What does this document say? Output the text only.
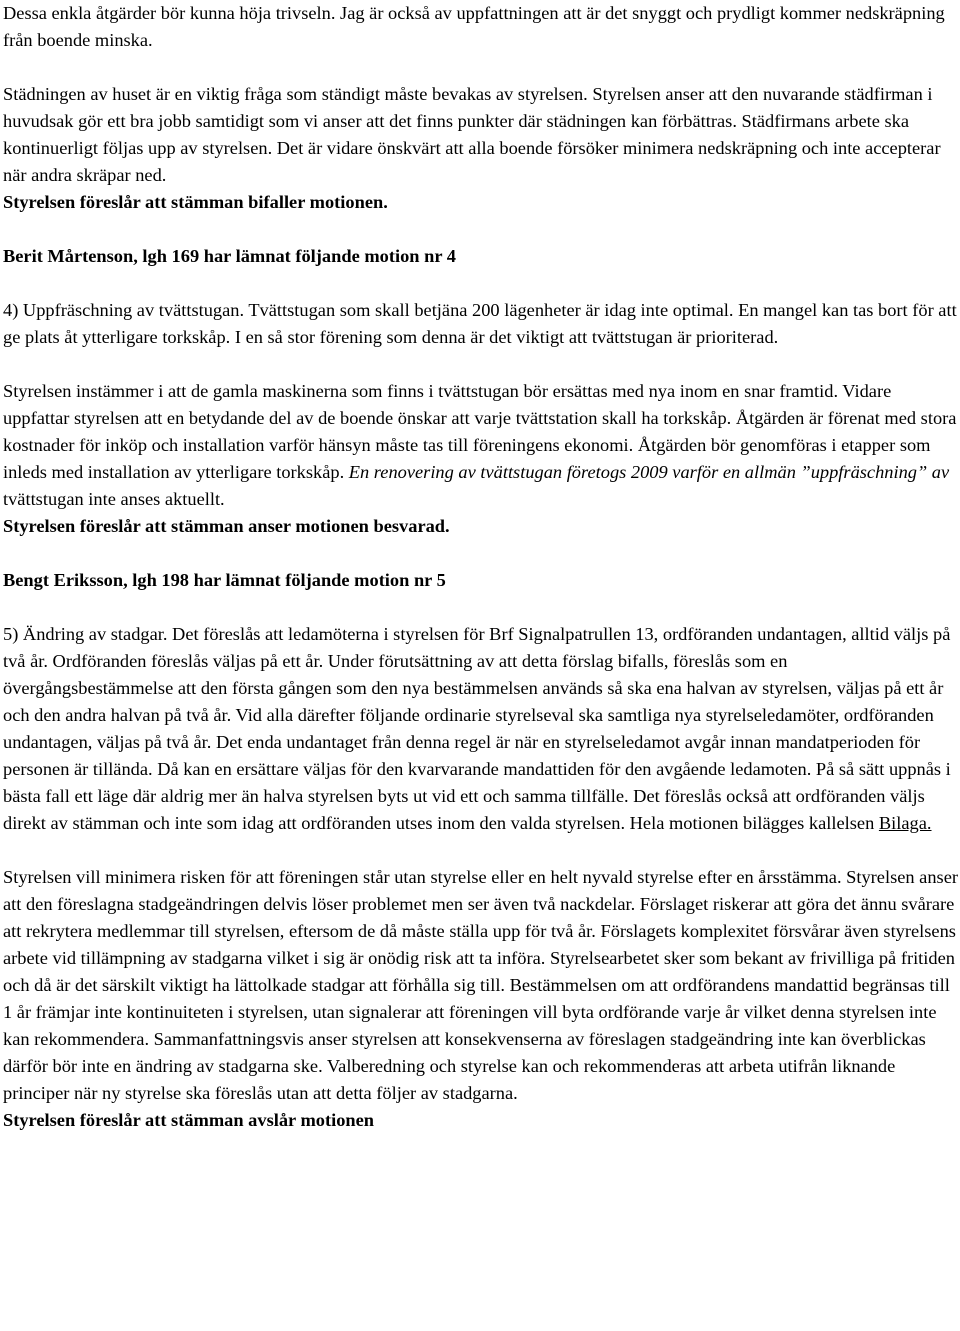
Dessa enkla åtgärder bör kunna höja trivseln. Jag är också av uppfattningen att är det snyggt och prydligt kommer nedskräpning från boende minska.

Städningen av huset är en viktig fråga som ständigt måste bevakas av styrelsen. Styrelsen anser att den nuvarande städfirman i huvudsak gör ett bra jobb samtidigt som vi anser att det finns punkter där städningen kan förbättras. Städfirmans arbete ska kontinuerligt följas upp av styrelsen. Det är vidare önskvärt att alla boende försöker minimera nedskräpning och inte accepterar när andra skräpar ned.

Styrelsen föreslår att stämman bifaller motionen.

Berit Mårtenson, lgh 169 har lämnat följande motion nr 4

4) Uppfräschning av tvättstugan. Tvättstugan som skall betjäna 200 lägenheter är idag inte optimal. En mangel kan tas bort för att ge plats åt ytterligare torkskåp. I en så stor förening som denna är det viktigt att tvättstugan är prioriterad.

Styrelsen instämmer i att de gamla maskinerna som finns i tvättstugan bör ersättas med nya inom en snar framtid. Vidare uppfattar styrelsen att en betydande del av de boende önskar att varje tvättstation skall ha torkskåp. Åtgärden är förenat med stora kostnader för inköp och installation varför hänsyn måste tas till föreningens ekonomi. Åtgärden bör genomföras i etapper som inleds med installation av ytterligare torkskåp. En renovering av tvättstugan företogs 2009 varför en allmän ”uppfräschning” av tvättstugan inte anses aktuellt.

Styrelsen föreslår att stämman anser motionen besvarad.

Bengt Eriksson, lgh 198 har lämnat följande motion nr 5

5) Ändring av stadgar. Det föreslås att ledamöterna i styrelsen för Brf Signalpatrullen 13, ordföranden undantagen, alltid väljs på två år. Ordföranden föreslås väljas på ett år. Under förutsättning av att detta förslag bifalls, föreslås som en övergångsbestämmelse att den första gången som den nya bestämmelsen används så ska ena halvan av styrelsen, väljas på ett år och den andra halvan på två år. Vid alla därefter följande ordinarie styrelseval ska samtliga nya styrelseledamöter, ordföranden undantagen, väljas på två år. Det enda undantaget från denna regel är när en styrelseledamot avgår innan mandatperioden för personen är tillända. Då kan en ersättare väljas för den kvarvarande mandattiden för den avgående ledamoten. På så sätt uppnås i bästa fall ett läge där aldrig mer än halva styrelsen byts ut vid ett och samma tillfälle. Det föreslås också att ordföranden väljs direkt av stämman och inte som idag att ordföranden utses inom den valda styrelsen. Hela motionen bilägges kallelsen Bilaga.

Styrelsen vill minimera risken för att föreningen står utan styrelse eller en helt nyvald styrelse efter en årsstämma. Styrelsen anser att den föreslagna stadgeändringen delvis löser problemet men ser även två nackdelar. Förslaget riskerar att göra det ännu svårare att rekrytera medlemmar till styrelsen, eftersom de då måste ställa upp för två år. Förslagets komplexitet försvårar även styrelsens arbete vid tillämpning av stadgarna vilket i sig är onödig risk att ta införa. Styrelsearbetet sker som bekant av frivilliga på fritiden och då är det särskilt viktigt ha lättolkade stadgar att förhålla sig till. Bestämmelsen om att ordförandens mandattid begränsas till 1 år främjar inte kontinuiteten i styrelsen, utan signalerar att föreningen vill byta ordförande varje år vilket denna styrelsen inte kan rekommendera. Sammanfattningsvis anser styrelsen att konsekvenserna av föreslagen stadgeändring inte kan överblickas därför bör inte en ändring av stadgarna ske. Valberedning och styrelse kan och rekommenderas att arbeta utifrån liknande principer när ny styrelse ska föreslås utan att detta följer av stadgarna.

Styrelsen föreslår att stämman avslår motionen
